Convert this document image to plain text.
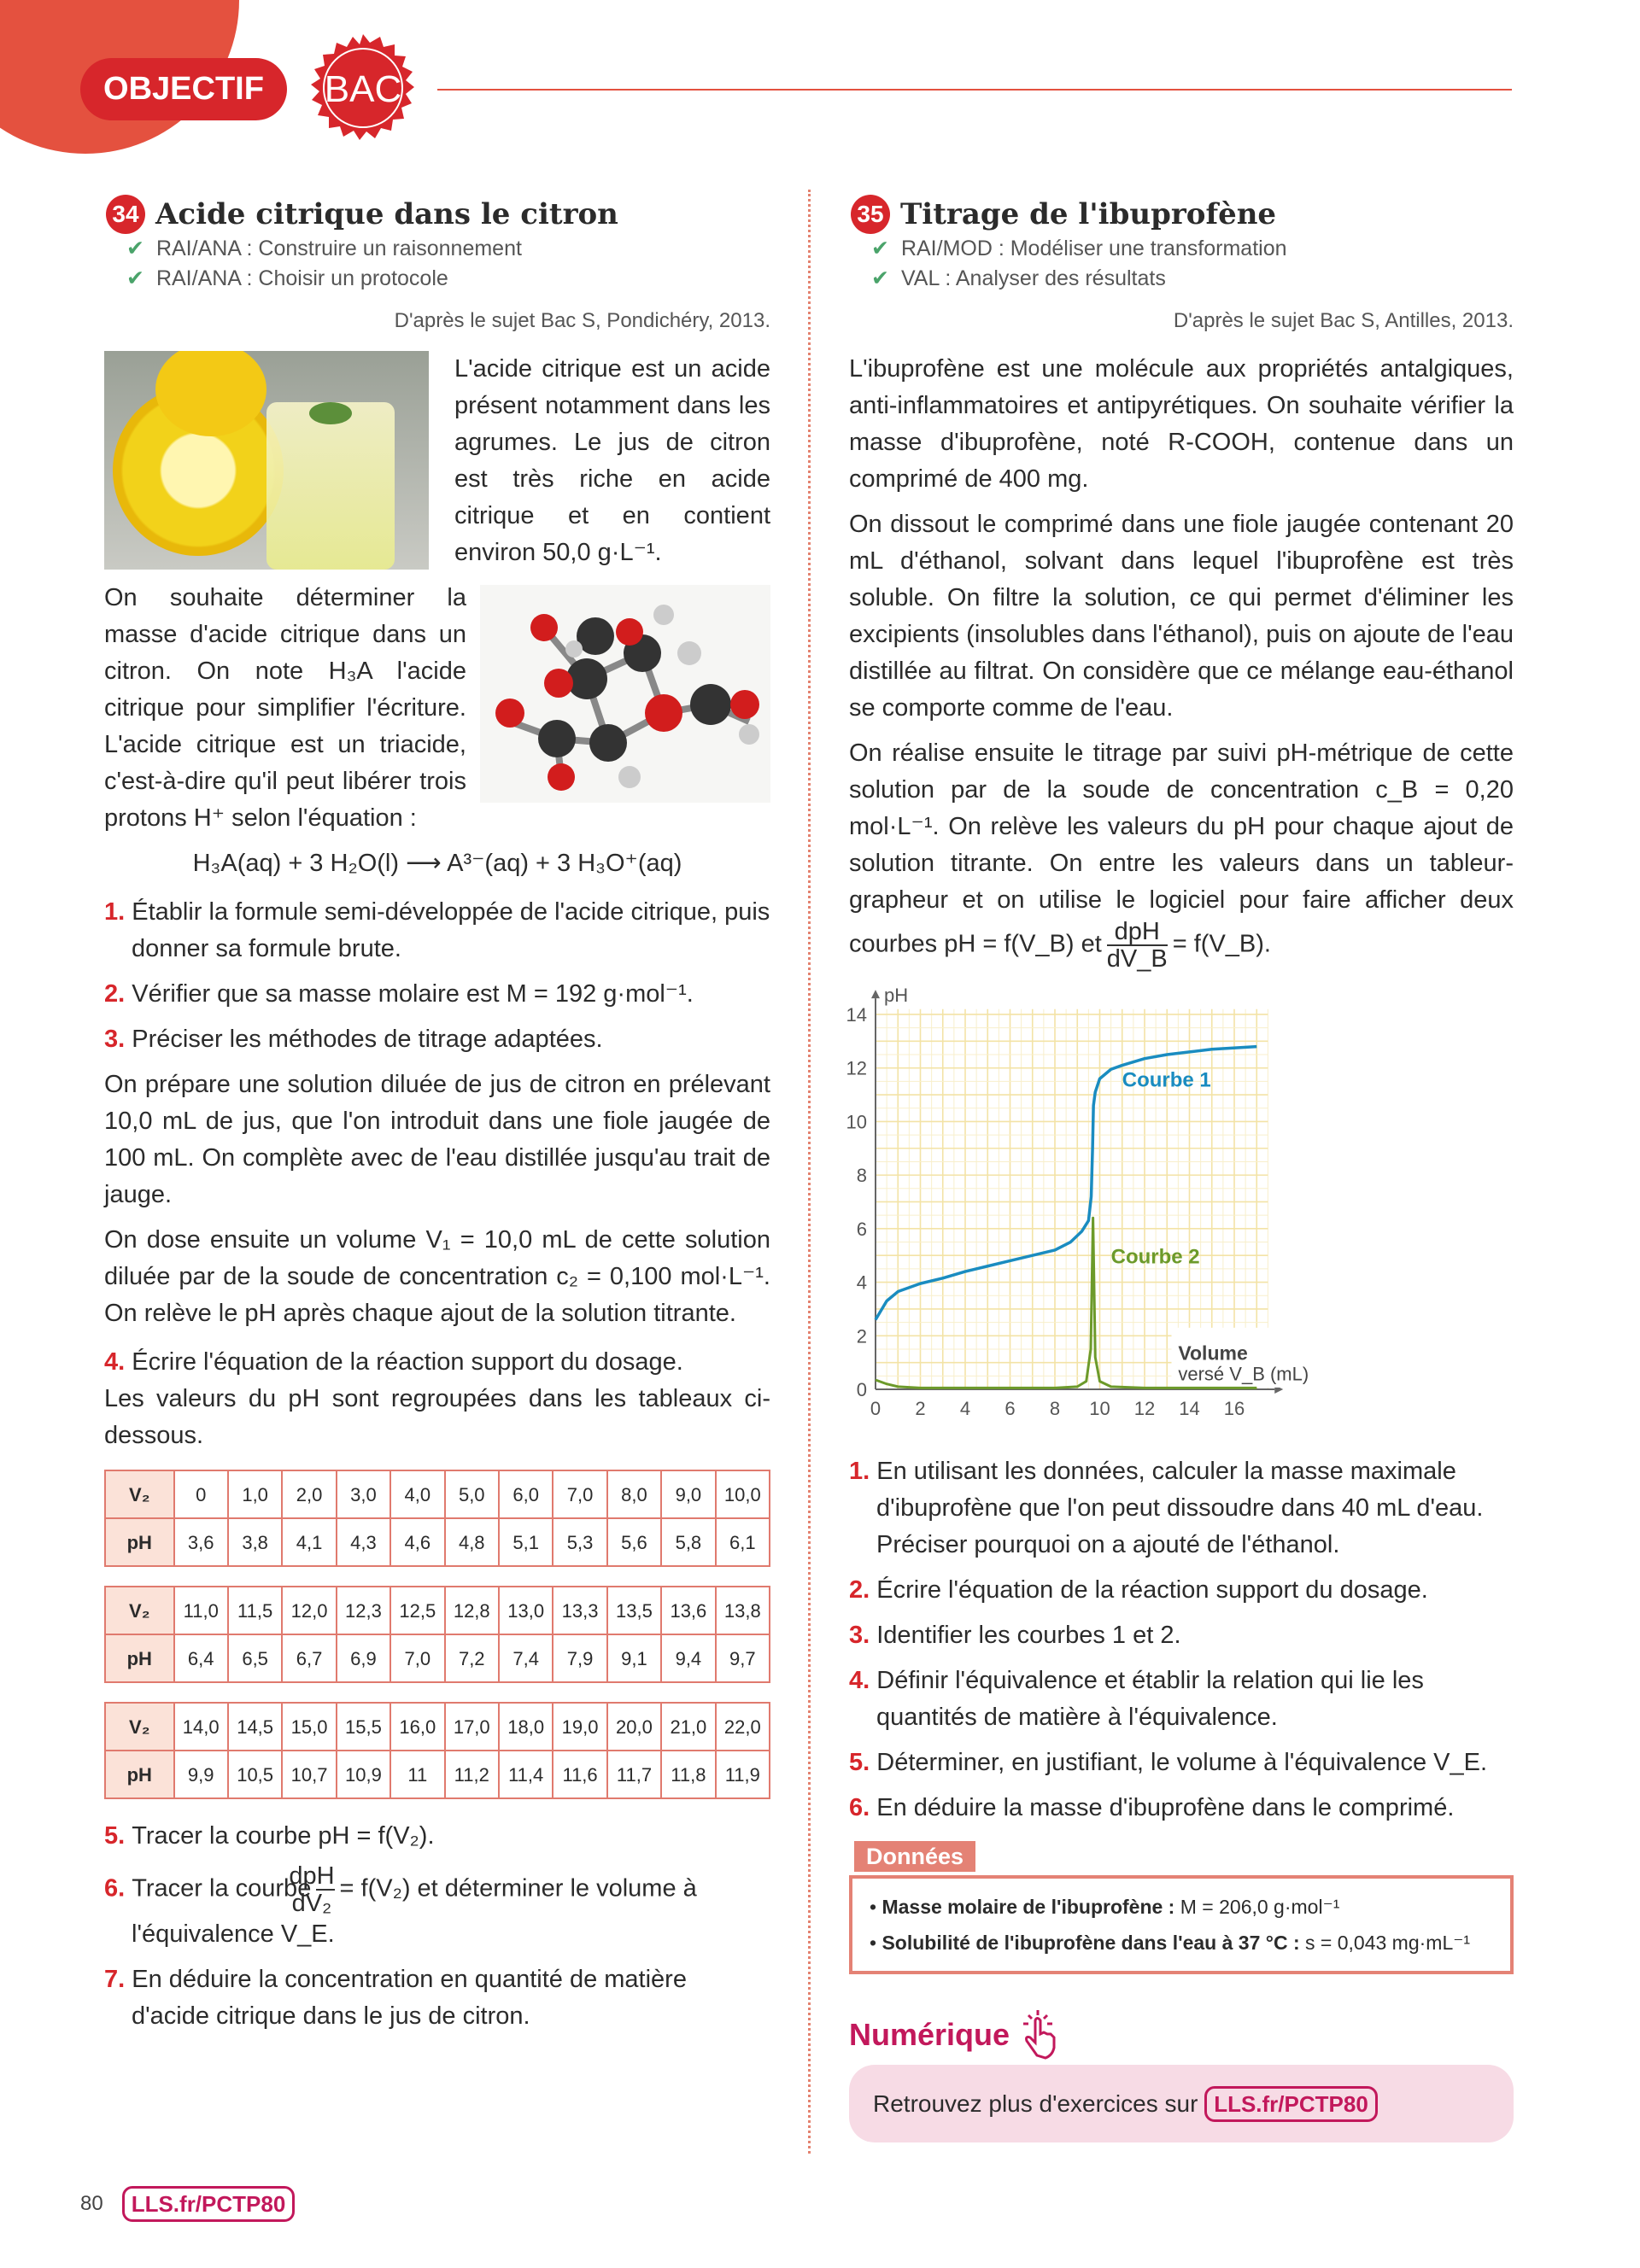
OBJECTIF	BAC
34 Acide citrique dans le citron
✔ RAI/ANA : Construire un raisonnement
✔ RAI/ANA : Choisir un protocole
D'après le sujet Bac S, Pondichéry, 2013.

L'acide citrique est un acide présent notamment dans les agrumes. Le jus de citron est très riche en acide citrique et en contient environ 50,0 g·L⁻¹.

On souhaite déterminer la masse d'acide citrique dans un citron. On note H₃A l'acide citrique pour simplifier l'écriture. L'acide citrique est un triacide, c'est-à-dire qu'il peut libérer trois protons H⁺ selon l'équation :

H₃A(aq) + 3 H₂O(l) ⟶ A³⁻(aq) + 3 H₃O⁺(aq)
1. Établir la formule semi-développée de l'acide citrique, puis donner sa formule brute.
2. Vérifier que sa masse molaire est M = 192 g·mol⁻¹.
3. Préciser les méthodes de titrage adaptées.

On prépare une solution diluée de jus de citron en prélevant 10,0 mL de jus, que l'on introduit dans une fiole jaugée de 100 mL. On complète avec de l'eau distillée jusqu'au trait de jauge.

On dose ensuite un volume V₁ = 10,0 mL de cette solution diluée par de la soude de concentration c₂ = 0,100 mol·L⁻¹. On relève le pH après chaque ajout de la solution titrante.

4. Écrire l'équation de la réaction support du dosage.

Les valeurs du pH sont regroupées dans les tableaux ci-dessous.

V₂	0	1,0	2,0	3,0	4,0	5,0	6,0	7,0	8,0	9,0	10,0
pH	3,6	3,8	4,1	4,3	4,6	4,8	5,1	5,3	5,6	5,8	6,1
V₂	11,0	11,5	12,0	12,3	12,5	12,8	13,0	13,3	13,5	13,6	13,8
pH	6,4	6,5	6,7	6,9	7,0	7,2	7,4	7,9	9,1	9,4	9,7
V₂	14,0	14,5	15,0	15,5	16,0	17,0	18,0	19,0	20,0	21,0	22,0
pH	9,9	10,5	10,7	10,9	11	11,2	11,4	11,6	11,7	11,8	11,9
5. Tracer la courbe pH = f(V₂).
6. Tracer la courbe $\frac{\text{dpH}}{\text{dV₂}} = f(V_2)$ et déterminer le volume à l'équivalence V_E.
7. En déduire la concentration en quantité de matière d'acide citrique dans le jus de citron.
35 Titrage de l'ibuprofène
✔ RAI/MOD : Modéliser une transformation
✔ VAL : Analyser des résultats
D'après le sujet Bac S, Antilles, 2013.

L'ibuprofène est une molécule aux propriétés antalgiques, anti-inflammatoires et antipyrétiques. On souhaite vérifier la masse d'ibuprofène, noté R-COOH, contenue dans un comprimé de 400 mg.

On dissout le comprimé dans une fiole jaugée contenant 20 mL d'éthanol, solvant dans lequel l'ibuprofène est très soluble. On filtre la solution, ce qui permet d'éliminer les excipients (insolubles dans l'éthanol), puis on ajoute de l'eau distillée au filtrat. On considère que ce mélange eau-éthanol se comporte comme de l'eau.

On réalise ensuite le titrage par suivi pH-métrique de cette solution par de la soude de concentration c_B = 0,20 mol·L⁻¹. On relève les valeurs du pH pour chaque ajout de solution titrante. On entre les valeurs dans un tableur-grapheur et on utilise le logiciel pour faire afficher deux courbes pH = f(V_B) et $\frac{\text{dpH}}{dV\_B}$ = f(V_B).

0 2 4 6 8 10 12 14 16
0
2
4
6
8
10
12
14
pH
Volume
versé V_B (mL)
Courbe 1
Courbe 2
1. En utilisant les données, calculer la masse maximale d'ibuprofène que l'on peut dissoudre dans 40 mL d'eau. Préciser pourquoi on a ajouté de l'éthanol.
2. Écrire l'équation de la réaction support du dosage.
3. Identifier les courbes 1 et 2.
4. Définir l'équivalence et établir la relation qui lie les quantités de matière à l'équivalence.
5. Déterminer, en justifiant, le volume à l'équivalence V_E.
6. En déduire la masse d'ibuprofène dans le comprimé.
Données
• Masse molaire de l'ibuprofène : M = 206,0 g·mol⁻¹
• Solubilité de l'ibuprofène dans l'eau à 37 °C : s = 0,043 mg·mL⁻¹
Numérique
Retrouvez plus d'exercices sur LLS.fr/PCTP80
80	LLS.fr/PCTP80
